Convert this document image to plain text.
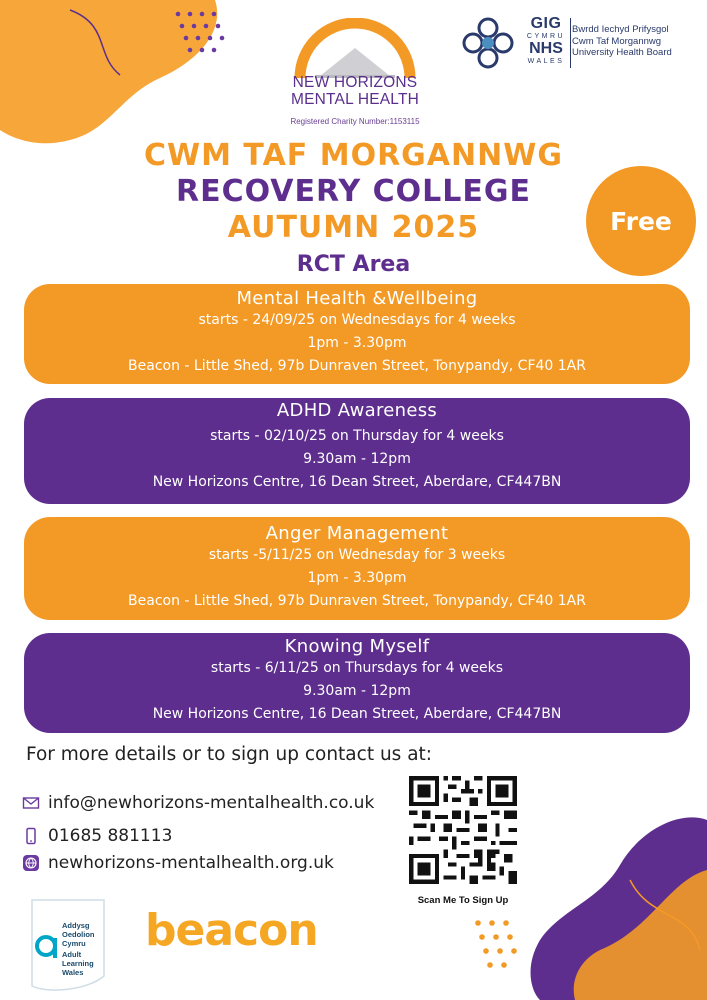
NEW HORIZONS
MENTAL HEALTH
Registered Charity Number:1153115
GIG
CYMRU
NHS
WALES
Bwrdd Iechyd Prifysgol
Cwm Taf Morgannwg
University Health Board
CWM TAF MORGANNWG
RECOVERY COLLEGE
AUTUMN 2025
RCT Area
Free
Mental Health &Wellbeing
starts - 24/09/25 on Wednesdays for 4 weeks
1pm - 3.30pm
Beacon - Little Shed, 97b Dunraven Street, Tonypandy, CF40 1AR
ADHD Awareness
starts - 02/10/25 on Thursday for 4 weeks
9.30am - 12pm
New Horizons Centre, 16 Dean Street, Aberdare, CF447BN
Anger Management
starts -5/11/25 on Wednesday for 3 weeks
1pm - 3.30pm
Beacon - Little Shed, 97b Dunraven Street, Tonypandy, CF40 1AR
Knowing Myself
starts - 6/11/25 on Thursdays for 4 weeks
9.30am - 12pm
New Horizons Centre, 16 Dean Street, Aberdare, CF447BN
For more details or to sign up contact us at:
info@newhorizons-mentalhealth.co.uk
01685 881113
newhorizons-mentalhealth.org.uk
Scan Me To Sign Up
Addysg
Oedolion
Cymru
Adult
Learning
Wales
beacon
